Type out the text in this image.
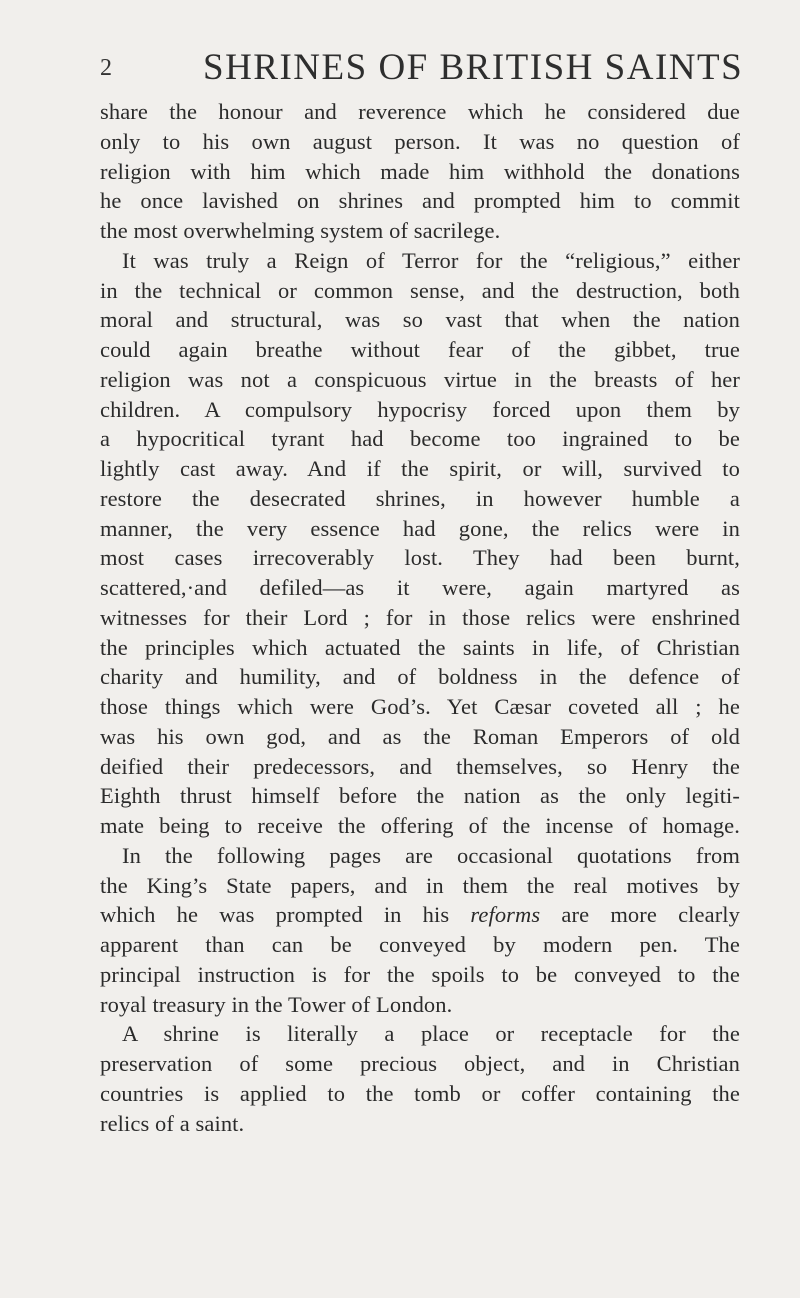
2 SHRINES OF BRITISH SAINTS
share the honour and reverence which he considered due
only to his own august person. It was no question of
religion with him which made him withhold the donations
he once lavished on shrines and prompted him to commit
the most overwhelming system of sacrilege.
It was truly a Reign of Terror for the “religious,” either
in the technical or common sense, and the destruction, both
moral and structural, was so vast that when the nation
could again breathe without fear of the gibbet, true
religion was not a conspicuous virtue in the breasts of her
children. A compulsory hypocrisy forced upon them by
a hypocritical tyrant had become too ingrained to be
lightly cast away. And if the spirit, or will, survived to
restore the desecrated shrines, in however humble a
manner, the very essence had gone, the relics were in
most cases irrecoverably lost. They had been burnt,
scattered,·and defiled—as it were, again martyred as
witnesses for their Lord ; for in those relics were enshrined
the principles which actuated the saints in life, of Christian
charity and humility, and of boldness in the defence of
those things which were God’s. Yet Cæsar coveted all ; he
was his own god, and as the Roman Emperors of old
deified their predecessors, and themselves, so Henry the
Eighth thrust himself before the nation as the only legiti-
mate being to receive the offering of the incense of homage.
In the following pages are occasional quotations from
the King’s State papers, and in them the real motives by
which he was prompted in his reforms are more clearly
apparent than can be conveyed by modern pen. The
principal instruction is for the spoils to be conveyed to the
royal treasury in the Tower of London.
A shrine is literally a place or receptacle for the
preservation of some precious object, and in Christian
countries is applied to the tomb or coffer containing the
relics of a saint.
